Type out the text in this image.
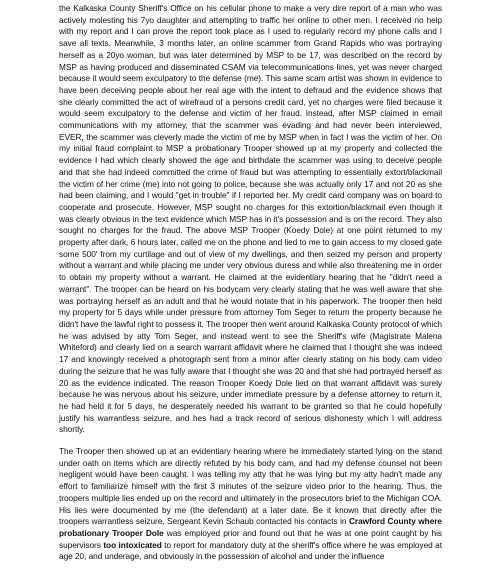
the Kalkaska County Sheriff's Office on his cellular phone to make a very dire report of a man who was actively molesting his 7yo daughter and attempting to traffic her online to other men. I received no help with my report and I can prove the report took place as I used to regularly record my phone calls and I save all texts. Meanwhile, 3 months later, an online scammer from Grand Rapids who was portraying herself as a 20yo woman, but was later determined by MSP to be 17, was described on the record by MSP as having produced and disseminated CSAM via telecommunications lines, yet was never charged because it would seem exculpatory to the defense (me). This same scam artist was shown in evidence to have been deceiving people about her real age with the intent to defraud and the evidence shows that she clearly committed the act of wirefraud of a persons credit card, yet no charges were filed because it would seem exculpatory to the defense and victim of her fraud. Instead, after MSP claimed in email communications with my attorney, that the scammer was evading and had never been interviewed, EVER, the scammer was cleverly made the victim of me by MSP when in fact I was the victim of her. On my initial fraud complaint to MSP a probationary Trooper showed up at my property and collected the evidence I had which clearly showed the age and birthdate the scammer was using to deceive people and that she had indeed committed the crime of fraud but was attempting to essentially extort/blackmail the victim of her crime (me) into not going to police, because she was actually only 17 and not 20 as she had been claiming, and I would "get in trouble" if I reported her. My credit card company was on board to cooperate and prosecute. However, MSP sought no charges for this extortion/blackmail even though it was clearly obvious in the text evidence which MSP has in it's possession and is on the record. They also sought no charges for the fraud. The above MSP Trooper (Koedy Dole) at one point returned to my property after dark, 6 hours later, called me on the phone and lied to me to gain access to my closed gate some 500' from my curtilage and out of view of my dwellings, and then seized my person and property without a warrant and while placing me under very obvious duress and while also threatening me in order to obtain my property without a warrant. He claimed at the evidentiary hearing that he "didn't need a warrant". The trooper can be heard on his bodycam very clearly stating that he was well aware that she was portraying herself as an adult and that he would notate that in his paperwork. The trooper then held my property for 5 days while under pressure from attorney Tom Seger to return the property because he didn't have the lawful right to possess it. The trooper then went around Kalkaska County protocol of which he was advised by atty Tom Seger, and instead went to see the Sheriff's wife (Magistrate Malena Whiteford) and clearly lied on a search warrant affidavit where he claimed that I thought she was indeed 17 and knowingly received a photograph sent from a minor after clearly stating on his body cam video during the seizure that he was fully aware that I thought she was 20 and that she had portrayed herself as 20 as the evidence indicated. The reason Trooper Koedy Dole lied on that warrant affidavit was surely because he was nervous about his seizure, under immediate pressure by a defense attorney to return it, he had held it for 5 days, he desperately needed his warrant to be granted so that he could hopefully justify his warrantless seizure, and hes had a track record of serious dishonesty which I will address shortly.

The Trooper then showed up at an evidentiary hearing where he immediately started lying on the stand under oath on items which are directly refuted by his body cam, and had my defense counsel not been negligent would have been caught. I was telling my atty that he was lying but my atty hadn't made any effort to familiarize himself with the first 3 minutes of the seizure video prior to the hearing. Thus, the troopers multiple lies ended up on the record and ultimately in the prosecutors brief to the Michigan COA. His lies were documented by me (the defendant) at a later date. Be it known that directly after the troopers warrantless seizure, Sergeant Kevin Schaub contacted his contacts in Crawford County where probationary Trooper Dole was employed prior and found out that he was at one point caught by his supervisors too intoxicated to report for mandatory duty at the sheriff's office where he was employed at age 20, and underage, and obviously in the possession of alcohol and under the influence
